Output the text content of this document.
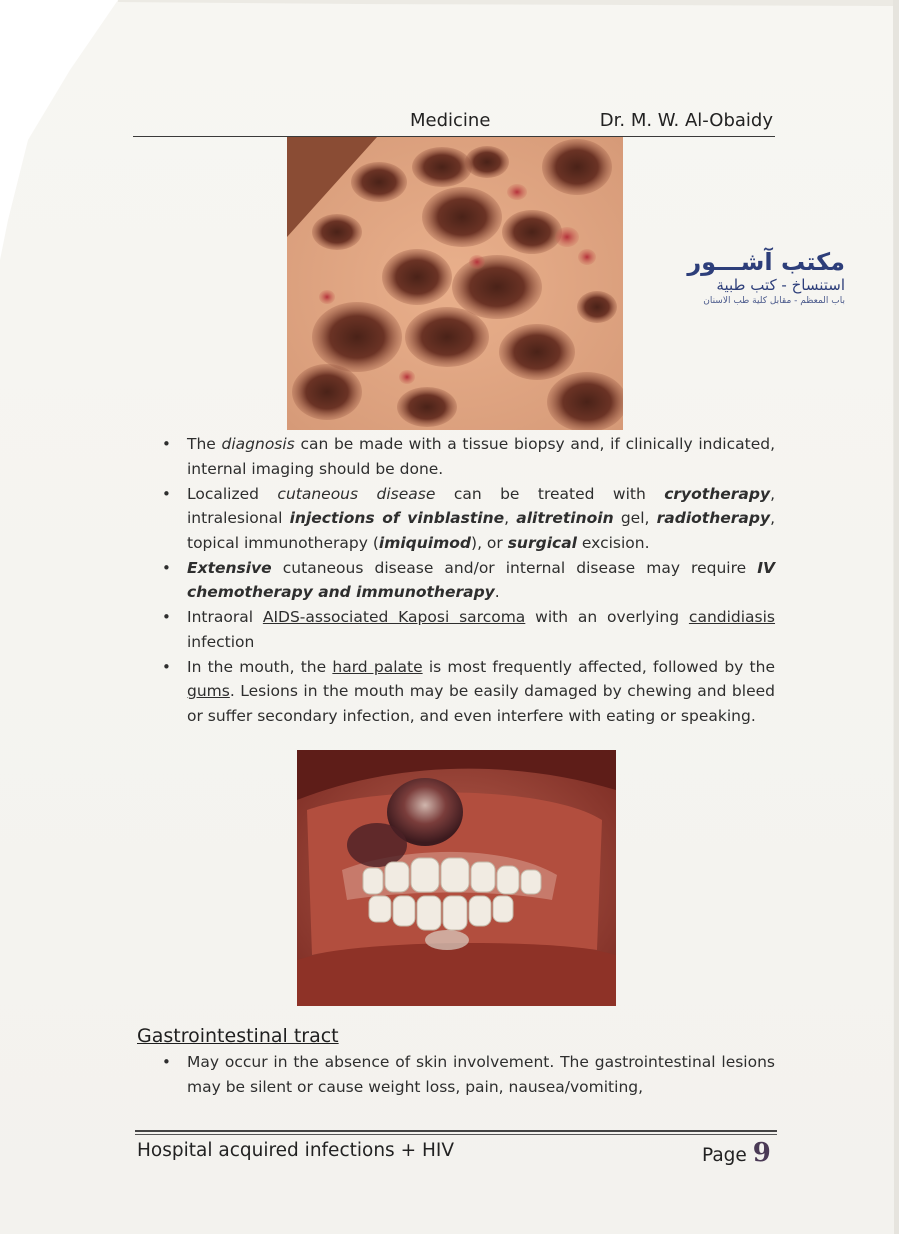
Medicine	Dr. M. W. Al-Obaidy
مكتب آشـــور
استنساخ - كتب طبية
باب المعظم - مقابل كلية طب الاسنان
• The diagnosis can be made with a tissue biopsy and, if clinically indicated, internal imaging should be done.
• Localized cutaneous disease can be treated with cryotherapy, intralesional injections of vinblastine, alitretinoin gel, radiotherapy, topical immunotherapy (imiquimod), or surgical excision.
• Extensive cutaneous disease and/or internal disease may require IV chemotherapy and immunotherapy.
• Intraoral AIDS-associated Kaposi sarcoma with an overlying candidiasis infection
• In the mouth, the hard palate is most frequently affected, followed by the gums. Lesions in the mouth may be easily damaged by chewing and bleed or suffer secondary infection, and even interfere with eating or speaking.
Gastrointestinal tract
• May occur in the absence of skin involvement. The gastrointestinal lesions may be silent or cause weight loss, pain, nausea/vomiting,
Hospital acquired infections + HIV	Page 9
